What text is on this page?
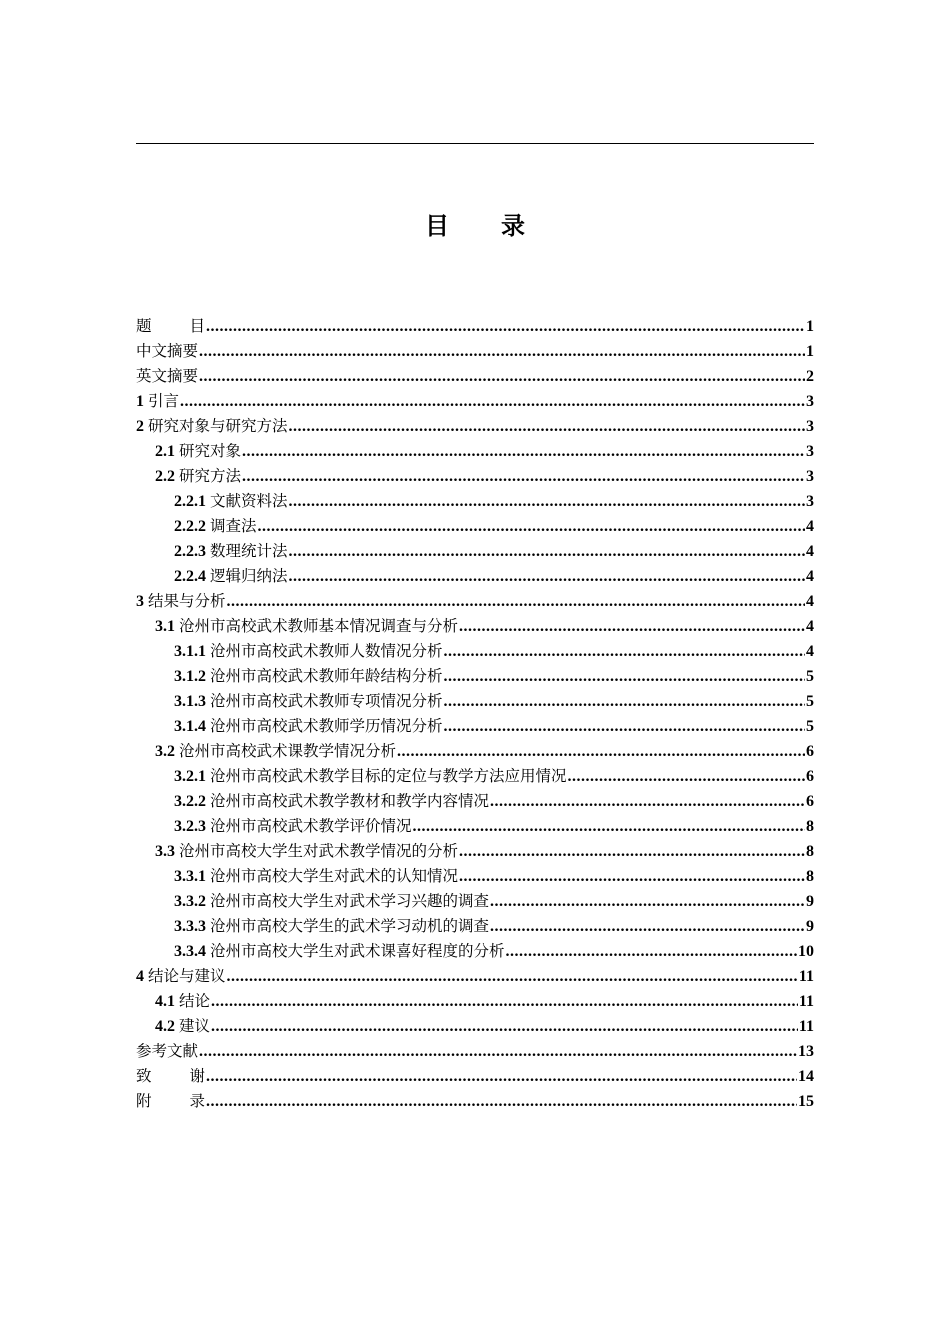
目 录
题 目 .....	1
中文摘要 .....	1
英文摘要 .....	2
1 引言 .....	3
2 研究对象与研究方法 .....	3
2.1 研究对象 .....	3
2.2 研究方法 .....	3
2.2.1 文献资料法 .....	3
2.2.2 调查法 .....	4
2.2.3 数理统计法 .....	4
2.2.4 逻辑归纳法 .....	4
3 结果与分析 .....	4
3.1 沧州市高校武术教师基本情况调查与分析 .....	4
3.1.1 沧州市高校武术教师人数情况分析 .....	4
3.1.2 沧州市高校武术教师年龄结构分析 .....	5
3.1.3 沧州市高校武术教师专项情况分析 .....	5
3.1.4 沧州市高校武术教师学历情况分析 .....	5
3.2 沧州市高校武术课教学情况分析 .....	6
3.2.1 沧州市高校武术教学目标的定位与教学方法应用情况 .....	6
3.2.2 沧州市高校武术教学教材和教学内容情况 .....	6
3.2.3 沧州市高校武术教学评价情况 .....	8
3.3 沧州市高校大学生对武术教学情况的分析 .....	8
3.3.1 沧州市高校大学生对武术的认知情况 .....	8
3.3.2 沧州市高校大学生对武术学习兴趣的调查 .....	9
3.3.3 沧州市高校大学生的武术学习动机的调查 .....	9
3.3.4 沧州市高校大学生对武术课喜好程度的分析 .....	10
4 结论与建议 .....	11
4.1 结论 .....	11
4.2 建议 .....	11
参考文献 .....	13
致 谢 .....	14
附 录 .....	15
